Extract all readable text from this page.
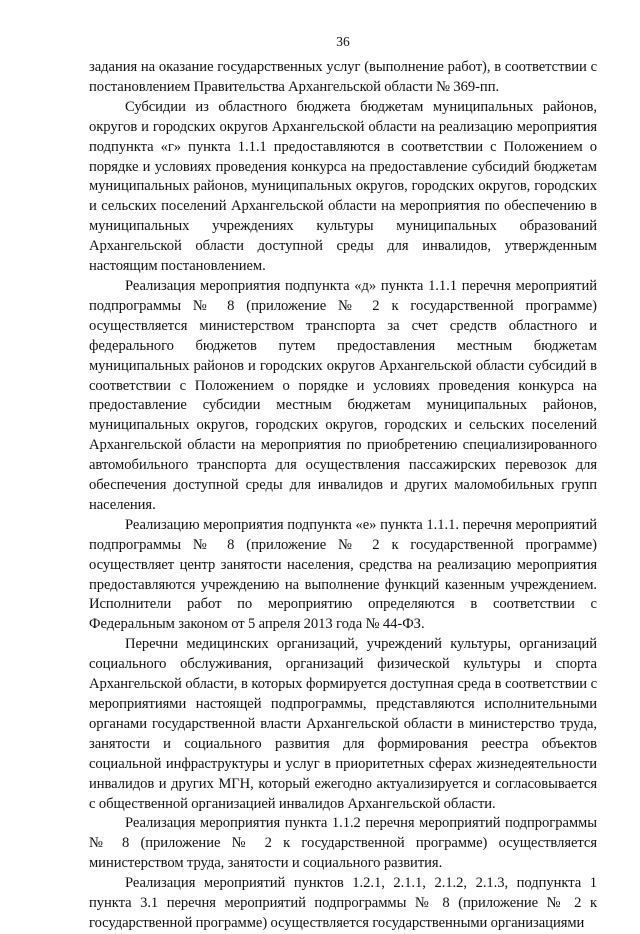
36

задания на оказание государственных услуг (выполнение работ), в соответствии с постановлением Правительства Архангельской области № 369-пп.

Субсидии из областного бюджета бюджетам муниципальных районов, округов и городских округов Архангельской области на реализацию мероприятия подпункта «г» пункта 1.1.1 предоставляются в соответствии с Положением о порядке и условиях проведения конкурса на предоставление субсидий бюджетам муниципальных районов, муниципальных округов, городских округов, городских и сельских поселений Архангельской области на мероприятия по обеспечению в муниципальных учреждениях культуры муниципальных образований Архангельской области доступной среды для инвалидов, утвержденным настоящим постановлением.

Реализация мероприятия подпункта «д» пункта 1.1.1 перечня мероприятий подпрограммы № 8 (приложение № 2 к государственной программе) осуществляется министерством транспорта за счет средств областного и федерального бюджетов путем предоставления местным бюджетам муниципальных районов и городских округов Архангельской области субсидий в соответствии с Положением о порядке и условиях проведения конкурса на предоставление субсидии местным бюджетам муниципальных районов, муниципальных округов, городских округов, городских и сельских поселений Архангельской области на мероприятия по приобретению специализированного автомобильного транспорта для осуществления пассажирских перевозок для обеспечения доступной среды для инвалидов и других маломобильных групп населения.

Реализацию мероприятия подпункта «е» пункта 1.1.1. перечня мероприятий подпрограммы № 8 (приложение № 2 к государственной программе) осуществляет центр занятости населения, средства на реализацию мероприятия предоставляются учреждению на выполнение функций казенным учреждением. Исполнители работ по мероприятию определяются в соответствии с Федеральным законом от 5 апреля 2013 года № 44-ФЗ.

Перечни медицинских организаций, учреждений культуры, организаций социального обслуживания, организаций физической культуры и спорта Архангельской области, в которых формируется доступная среда в соответствии с мероприятиями настоящей подпрограммы, представляются исполнительными органами государственной власти Архангельской области в министерство труда, занятости и социального развития для формирования реестра объектов социальной инфраструктуры и услуг в приоритетных сферах жизнедеятельности инвалидов и других МГН, который ежегодно актуализируется и согласовывается с общественной организацией инвалидов Архангельской области.

Реализация мероприятия пункта 1.1.2 перечня мероприятий подпрограммы № 8 (приложение № 2 к государственной программе) осуществляется министерством труда, занятости и социального развития.

Реализация мероприятий пунктов 1.2.1, 2.1.1, 2.1.2, 2.1.3, подпункта 1 пункта 3.1 перечня мероприятий подпрограммы № 8 (приложение № 2 к государственной программе) осуществляется государственными организациями
